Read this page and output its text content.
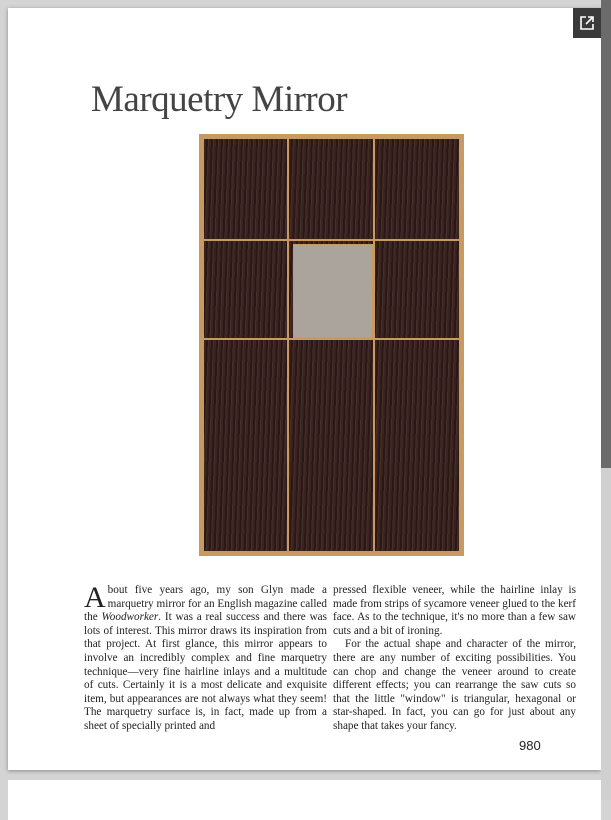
Marquetry Mirror
About five years ago, my son Glyn made a marquetry mirror for an English magazine called the Woodworker. It was a real success and there was lots of interest. This mirror draws its inspiration from that project. At first glance, this mirror appears to involve an incredibly complex and fine marquetry technique—very fine hairline inlays and a multitude of cuts. Certainly it is a most delicate and exquisite item, but appearances are not always what they seem! The marquetry surface is, in fact, made up from a sheet of specially printed and
pressed flexible veneer, while the hairline inlay is made from strips of sycamore veneer glued to the kerf face. As to the technique, it's no more than a few saw cuts and a bit of ironing.
For the actual shape and character of the mirror, there are any number of exciting possibilities. You can chop and change the veneer around to create different effects; you can rearrange the saw cuts so that the little "window" is triangular, hexagonal or star-shaped. In fact, you can go for just about any shape that takes your fancy.
980
